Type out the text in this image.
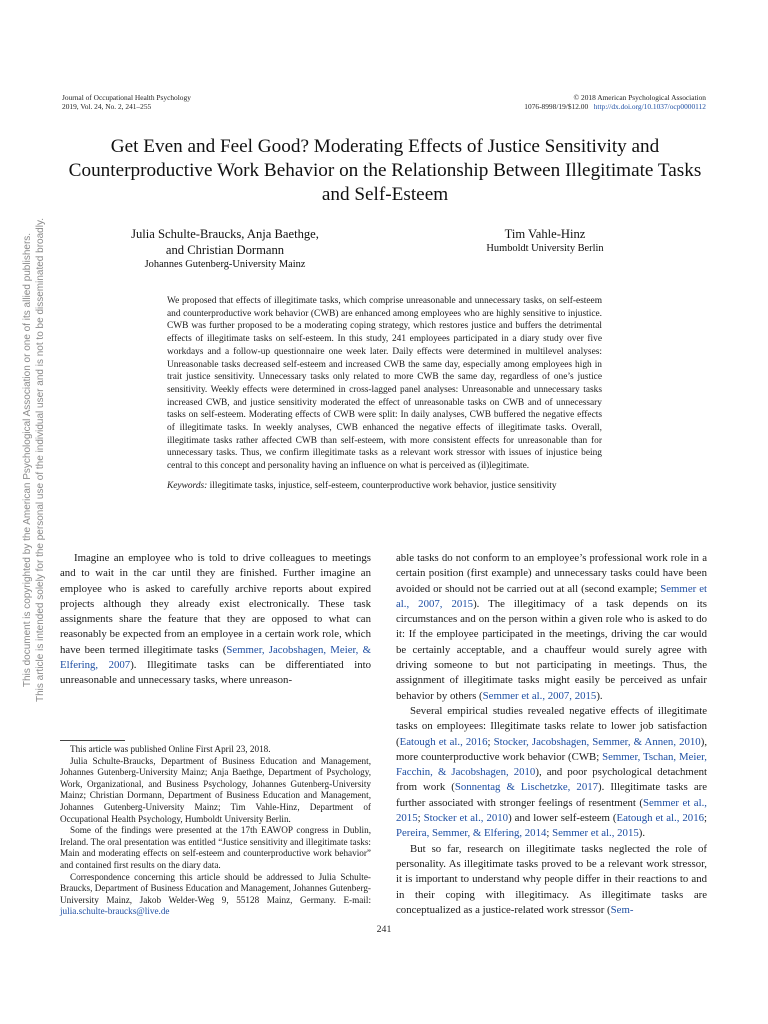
Journal of Occupational Health Psychology
2019, Vol. 24, No. 2, 241–255
© 2018 American Psychological Association
1076-8998/19/$12.00 http://dx.doi.org/10.1037/ocp0000112
This document is copyrighted by the American Psychological Association or one of its allied publishers. This article is intended solely for the personal use of the individual user and is not to be disseminated broadly.
Get Even and Feel Good? Moderating Effects of Justice Sensitivity and Counterproductive Work Behavior on the Relationship Between Illegitimate Tasks and Self-Esteem
Julia Schulte-Braucks, Anja Baethge,
and Christian Dormann
Johannes Gutenberg-University Mainz
Tim Vahle-Hinz
Humboldt University Berlin

We proposed that effects of illegitimate tasks, which comprise unreasonable and unnecessary tasks, on self-esteem and counterproductive work behavior (CWB) are enhanced among employees who are highly sensitive to injustice. CWB was further proposed to be a moderating coping strategy, which restores justice and buffers the detrimental effects of illegitimate tasks on self-esteem. In this study, 241 employees participated in a diary study over five workdays and a follow-up questionnaire one week later. Daily effects were determined in multilevel analyses: Unreasonable tasks decreased self-esteem and increased CWB the same day, especially among employees high in trait justice sensitivity. Unnecessary tasks only related to more CWB the same day, regardless of one’s justice sensitivity. Weekly effects were determined in cross-lagged panel analyses: Unreasonable and unnecessary tasks increased CWB, and justice sensitivity moderated the effect of unreasonable tasks on CWB and of unnecessary tasks on self-esteem. Moderating effects of CWB were split: In daily analyses, CWB buffered the negative effects of illegitimate tasks. In weekly analyses, CWB enhanced the negative effects of illegitimate tasks. Overall, illegitimate tasks rather affected CWB than self-esteem, with more consistent effects for unreasonable than for unnecessary tasks. Thus, we confirm illegitimate tasks as a relevant work stressor with issues of injustice being central to this concept and personality having an influence on what is perceived as (il)legitimate.

Keywords: illegitimate tasks, injustice, self-esteem, counterproductive work behavior, justice sensitivity

Imagine an employee who is told to drive colleagues to meetings and to wait in the car until they are finished. Further imagine an employee who is asked to carefully archive reports about expired projects although they already exist electronically. These task assignments share the feature that they are opposed to what can reasonably be expected from an employee in a certain work role, which have been termed illegitimate tasks (Semmer, Jacobshagen, Meier, & Elfering, 2007). Illegitimate tasks can be differentiated into unreasonable and unnecessary tasks, where unreason-

This article was published Online First April 23, 2018.

Julia Schulte-Braucks, Department of Business Education and Management, Johannes Gutenberg-University Mainz; Anja Baethge, Department of Psychology, Work, Organizational, and Business Psychology, Johannes Gutenberg-University Mainz; Christian Dormann, Department of Business Education and Management, Johannes Gutenberg-University Mainz; Tim Vahle-Hinz, Department of Occupational Health Psychology, Humboldt University Berlin.

Some of the findings were presented at the 17th EAWOP congress in Dublin, Ireland. The oral presentation was entitled “Justice sensitivity and illegitimate tasks: Main and moderating effects on self-esteem and counterproductive work behavior” and contained first results on the diary data.

Correspondence concerning this article should be addressed to Julia Schulte-Braucks, Department of Business Education and Management, Johannes Gutenberg-University Mainz, Jakob Welder-Weg 9, 55128 Mainz, Germany. E-mail: julia.schulte-braucks@live.de

able tasks do not conform to an employee’s professional work role in a certain position (first example) and unnecessary tasks could have been avoided or should not be carried out at all (second example; Semmer et al., 2007, 2015). The illegitimacy of a task depends on its circumstances and on the person within a given role who is asked to do it: If the employee participated in the meetings, driving the car would be certainly acceptable, and a chauffeur would surely agree with driving someone to but not participating in meetings. Thus, the assignment of illegitimate tasks might easily be perceived as unfair behavior by others (Semmer et al., 2007, 2015).

Several empirical studies revealed negative effects of illegitimate tasks on employees: Illegitimate tasks relate to lower job satisfaction (Eatough et al., 2016; Stocker, Jacobshagen, Semmer, & Annen, 2010), more counterproductive work behavior (CWB; Semmer, Tschan, Meier, Facchin, & Jacobshagen, 2010), and poor psychological detachment from work (Sonnentag & Lischetzke, 2017). Illegitimate tasks are further associated with stronger feelings of resentment (Semmer et al., 2015; Stocker et al., 2010) and lower self-esteem (Eatough et al., 2016; Pereira, Semmer, & Elfering, 2014; Semmer et al., 2015).

But so far, research on illegitimate tasks neglected the role of personality. As illegitimate tasks proved to be a relevant work stressor, it is important to understand why people differ in their reactions to and in their coping with illegitimacy. As illegitimate tasks are conceptualized as a justice-related work stressor (Sem-

241
